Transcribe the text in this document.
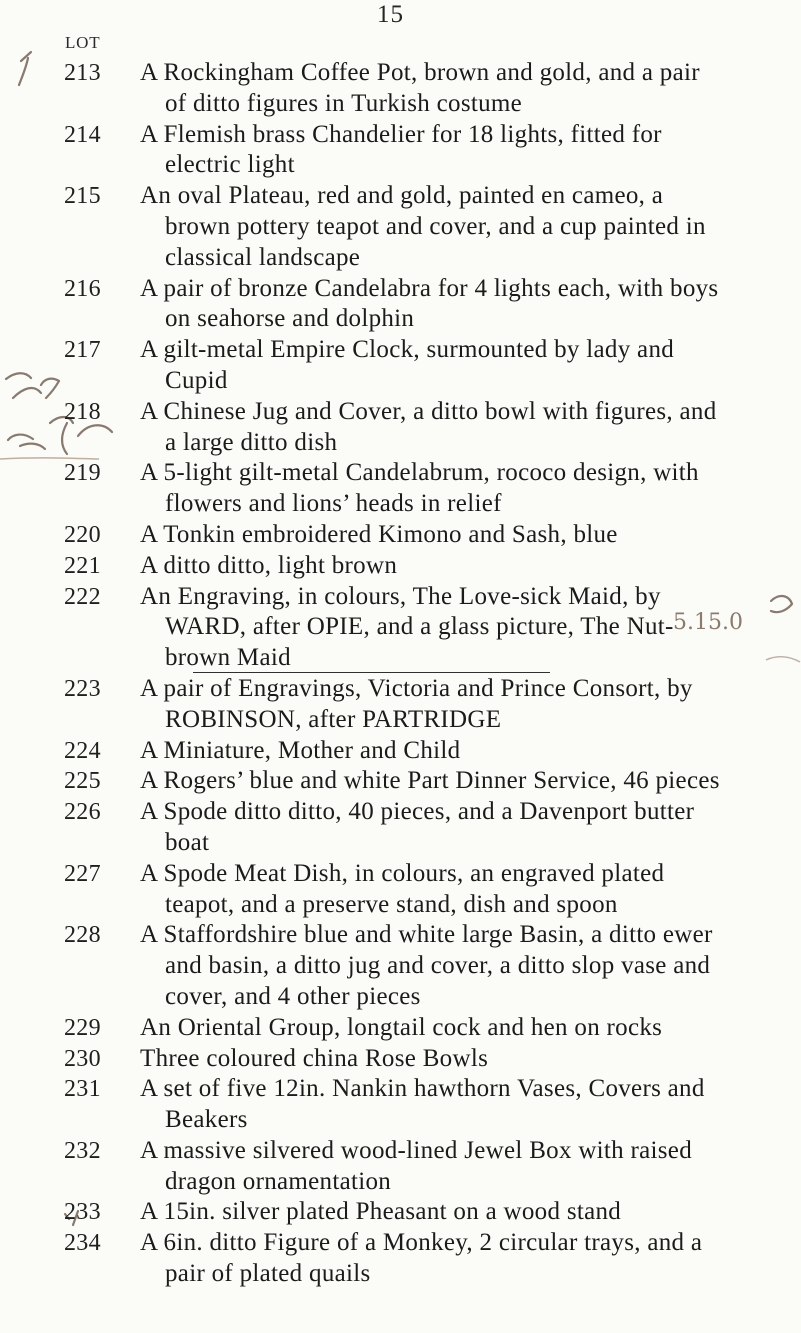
15
LOT
5.15.0
213	A Rockingham Coffee Pot, brown and gold, and a pair of ditto figures in Turkish costume

214	A Flemish brass Chandelier for 18 lights, fitted for electric light

215	An oval Plateau, red and gold, painted en cameo, a brown pottery teapot and cover, and a cup painted in classical landscape

216	A pair of bronze Candelabra for 4 lights each, with boys on seahorse and dolphin

217	A gilt-metal Empire Clock, surmounted by lady and Cupid

218	A Chinese Jug and Cover, a ditto bowl with figures, and a large ditto dish

219	A 5-light gilt-metal Candelabrum, rococo design, with flowers and lions’ heads in relief

220	A Tonkin embroidered Kimono and Sash, blue

221	A ditto ditto, light brown

222	An Engraving, in colours, The Love-sick Maid, by WARD, after OPIE, and a glass picture, The Nut-brown Maid

223	A pair of Engravings, Victoria and Prince Consort, by ROBINSON, after PARTRIDGE

224	A Miniature, Mother and Child

225	A Rogers’ blue and white Part Dinner Service, 46 pieces

226	A Spode ditto ditto, 40 pieces, and a Davenport butter boat

227	A Spode Meat Dish, in colours, an engraved plated teapot, and a preserve stand, dish and spoon

228	A Staffordshire blue and white large Basin, a ditto ewer and basin, a ditto jug and cover, a ditto slop vase and cover, and 4 other pieces

229	An Oriental Group, longtail cock and hen on rocks

230	Three coloured china Rose Bowls

231	A set of five 12in. Nankin hawthorn Vases, Covers and Beakers

232	A massive silvered wood-lined Jewel Box with raised dragon ornamentation

233	A 15in. silver plated Pheasant on a wood stand

234	A 6in. ditto Figure of a Monkey, 2 circular trays, and a pair of plated quails
